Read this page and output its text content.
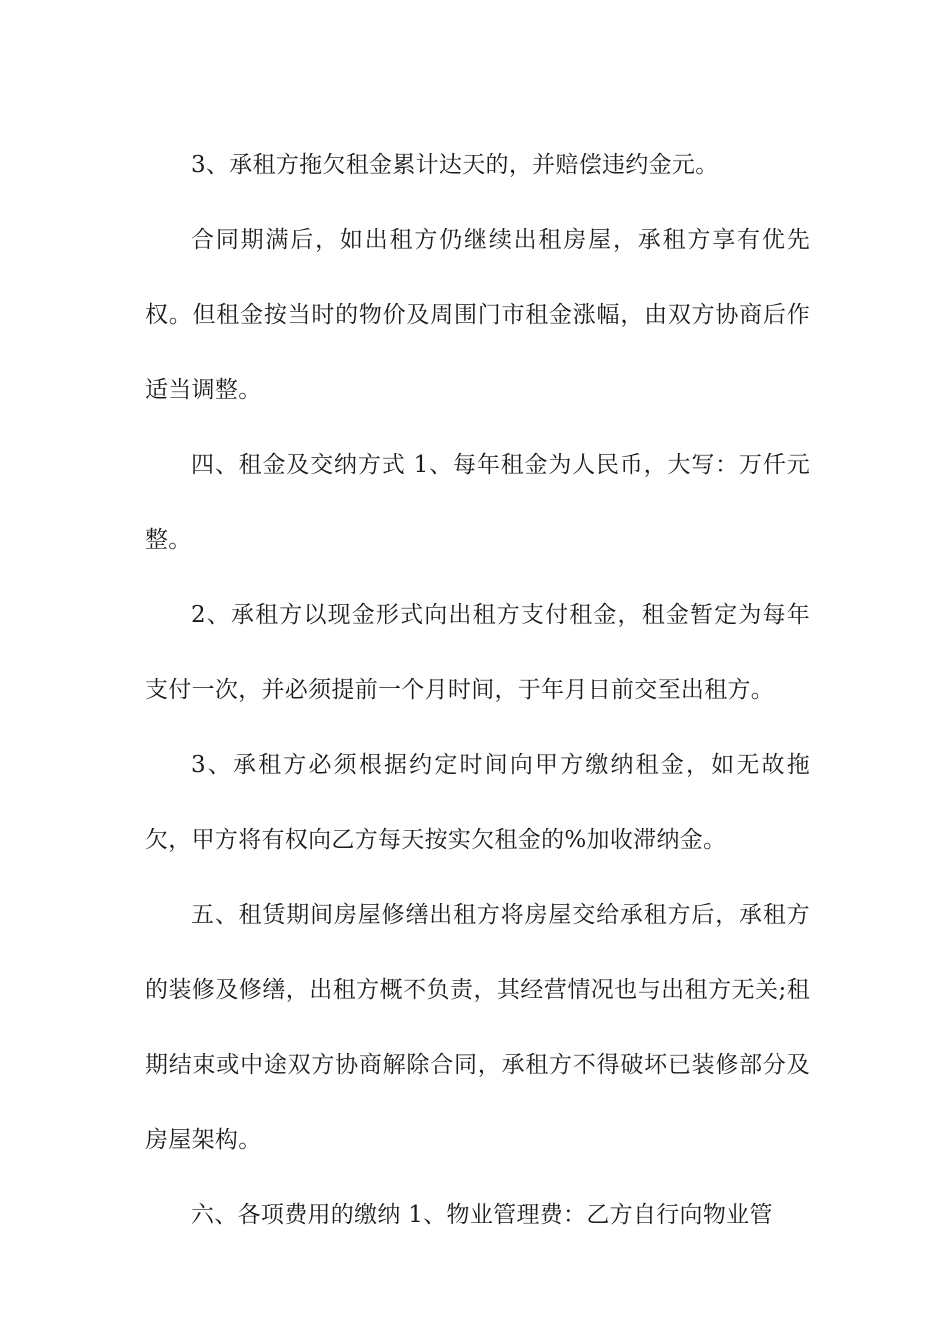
3、承租方拖欠租金累计达天的，并赔偿违约金元。

合同期满后，如出租方仍继续出租房屋，承租方享有优先权。但租金按当时的物价及周围门市租金涨幅，由双方协商后作适当调整。

四、租金及交纳方式 1、每年租金为人民币，大写：万仟元整。

2、承租方以现金形式向出租方支付租金，租金暂定为每年支付一次，并必须提前一个月时间，于年月日前交至出租方。

3、承租方必须根据约定时间向甲方缴纳租金，如无故拖欠，甲方将有权向乙方每天按实欠租金的%加收滞纳金。

五、租赁期间房屋修缮出租方将房屋交给承租方后，承租方的装修及修缮，出租方概不负责，其经营情况也与出租方无关;租期结束或中途双方协商解除合同，承租方不得破坏已装修部分及房屋架构。

六、各项费用的缴纳 1、物业管理费：乙方自行向物业管
